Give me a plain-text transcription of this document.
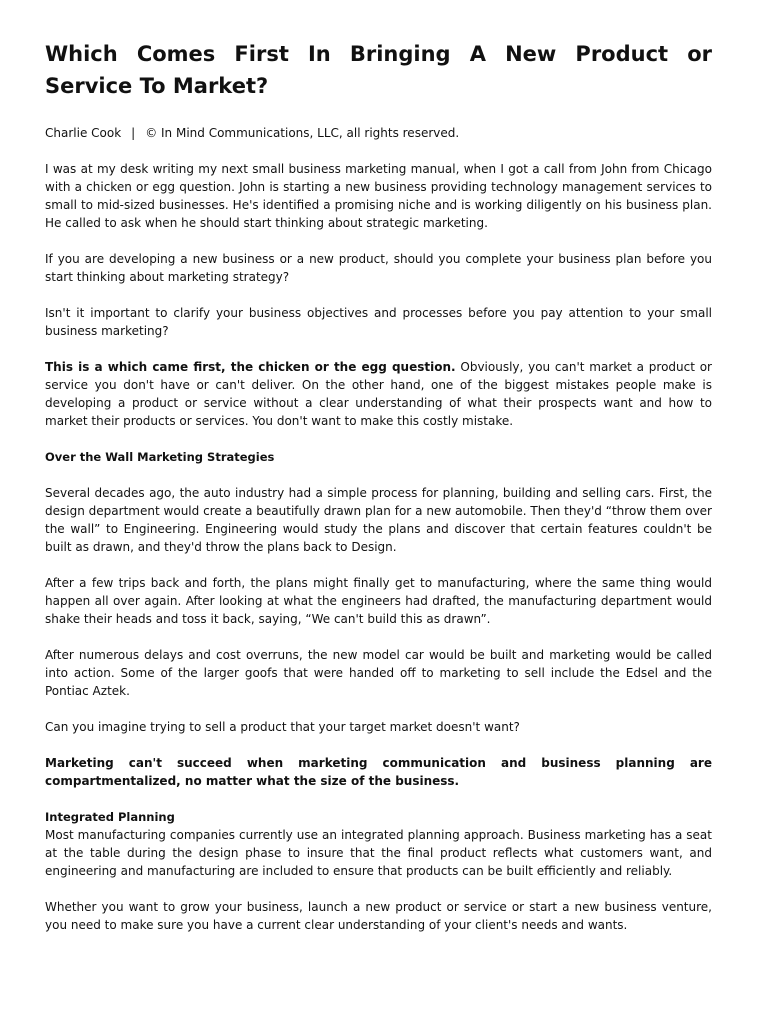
Which Comes First In Bringing A New Product or Service To Market?
Charlie Cook | © In Mind Communications, LLC, all rights reserved.

I was at my desk writing my next small business marketing manual, when I got a call from John from Chicago with a chicken or egg question. John is starting a new business providing technology management services to small to mid-sized businesses. He's identified a promising niche and is working diligently on his business plan. He called to ask when he should start thinking about strategic marketing.

If you are developing a new business or a new product, should you complete your business plan before you start thinking about marketing strategy?

Isn't it important to clarify your business objectives and processes before you pay attention to your small business marketing?

This is a which came first, the chicken or the egg question. Obviously, you can't market a product or service you don't have or can't deliver. On the other hand, one of the biggest mistakes people make is developing a product or service without a clear understanding of what their prospects want and how to market their products or services. You don't want to make this costly mistake.

Over the Wall Marketing Strategies

Several decades ago, the auto industry had a simple process for planning, building and selling cars. First, the design department would create a beautifully drawn plan for a new automobile. Then they'd “throw them over the wall” to Engineering. Engineering would study the plans and discover that certain features couldn't be built as drawn, and they'd throw the plans back to Design.

After a few trips back and forth, the plans might finally get to manufacturing, where the same thing would happen all over again. After looking at what the engineers had drafted, the manufacturing department would shake their heads and toss it back, saying, “We can't build this as drawn”.

After numerous delays and cost overruns, the new model car would be built and marketing would be called into action. Some of the larger goofs that were handed off to marketing to sell include the Edsel and the Pontiac Aztek.

Can you imagine trying to sell a product that your target market doesn't want?

Marketing can't succeed when marketing communication and business planning are compartmentalized, no matter what the size of the business.

Integrated Planning

Most manufacturing companies currently use an integrated planning approach. Business marketing has a seat at the table during the design phase to insure that the final product reflects what customers want, and engineering and manufacturing are included to ensure that products can be built efficiently and reliably.

Whether you want to grow your business, launch a new product or service or start a new business venture, you need to make sure you have a current clear understanding of your client's needs and wants.
